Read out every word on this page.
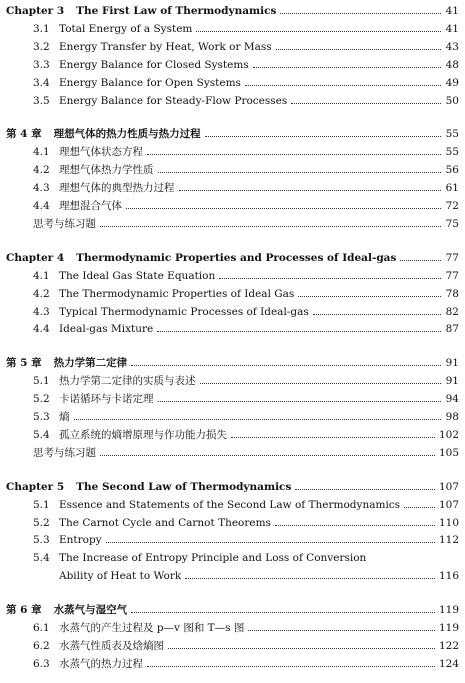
Chapter 3 The First Law of Thermodynamics	41
3.1 Total Energy of a System	41
3.2 Energy Transfer by Heat, Work or Mass	43
3.3 Energy Balance for Closed Systems	48
3.4 Energy Balance for Open Systems	49
3.5 Energy Balance for Steady-Flow Processes	50
第 4 章 理想气体的热力性质与热力过程	55
4.1 理想气体状态方程	55
4.2 理想气体热力学性质	56
4.3 理想气体的典型热力过程	61
4.4 理想混合气体	72
思考与练习题	75
Chapter 4 Thermodynamic Properties and Processes of Ideal-gas	77
4.1 The Ideal Gas State Equation	77
4.2 The Thermodynamic Properties of Ideal Gas	78
4.3 Typical Thermodynamic Processes of Ideal-gas	82
4.4 Ideal-gas Mixture	87
第 5 章 热力学第二定律	91
5.1 热力学第二定律的实质与表述	91
5.2 卡诺循环与卡诺定理	94
5.3 熵	98
5.4 孤立系统的熵增原理与作功能力损失	102
思考与练习题	105
Chapter 5 The Second Law of Thermodynamics	107
5.1 Essence and Statements of the Second Law of Thermodynamics	107
5.2 The Carnot Cycle and Carnot Theorems	110
5.3 Entropy	112
5.4 The Increase of Entropy Principle and Loss of Conversion
Ability of Heat to Work	116
第 6 章 水蒸气与湿空气	119
6.1 水蒸气的产生过程及 p—v 图和 T—s 图	119
6.2 水蒸气性质表及焓熵图	122
6.3 水蒸气的热力过程	124
